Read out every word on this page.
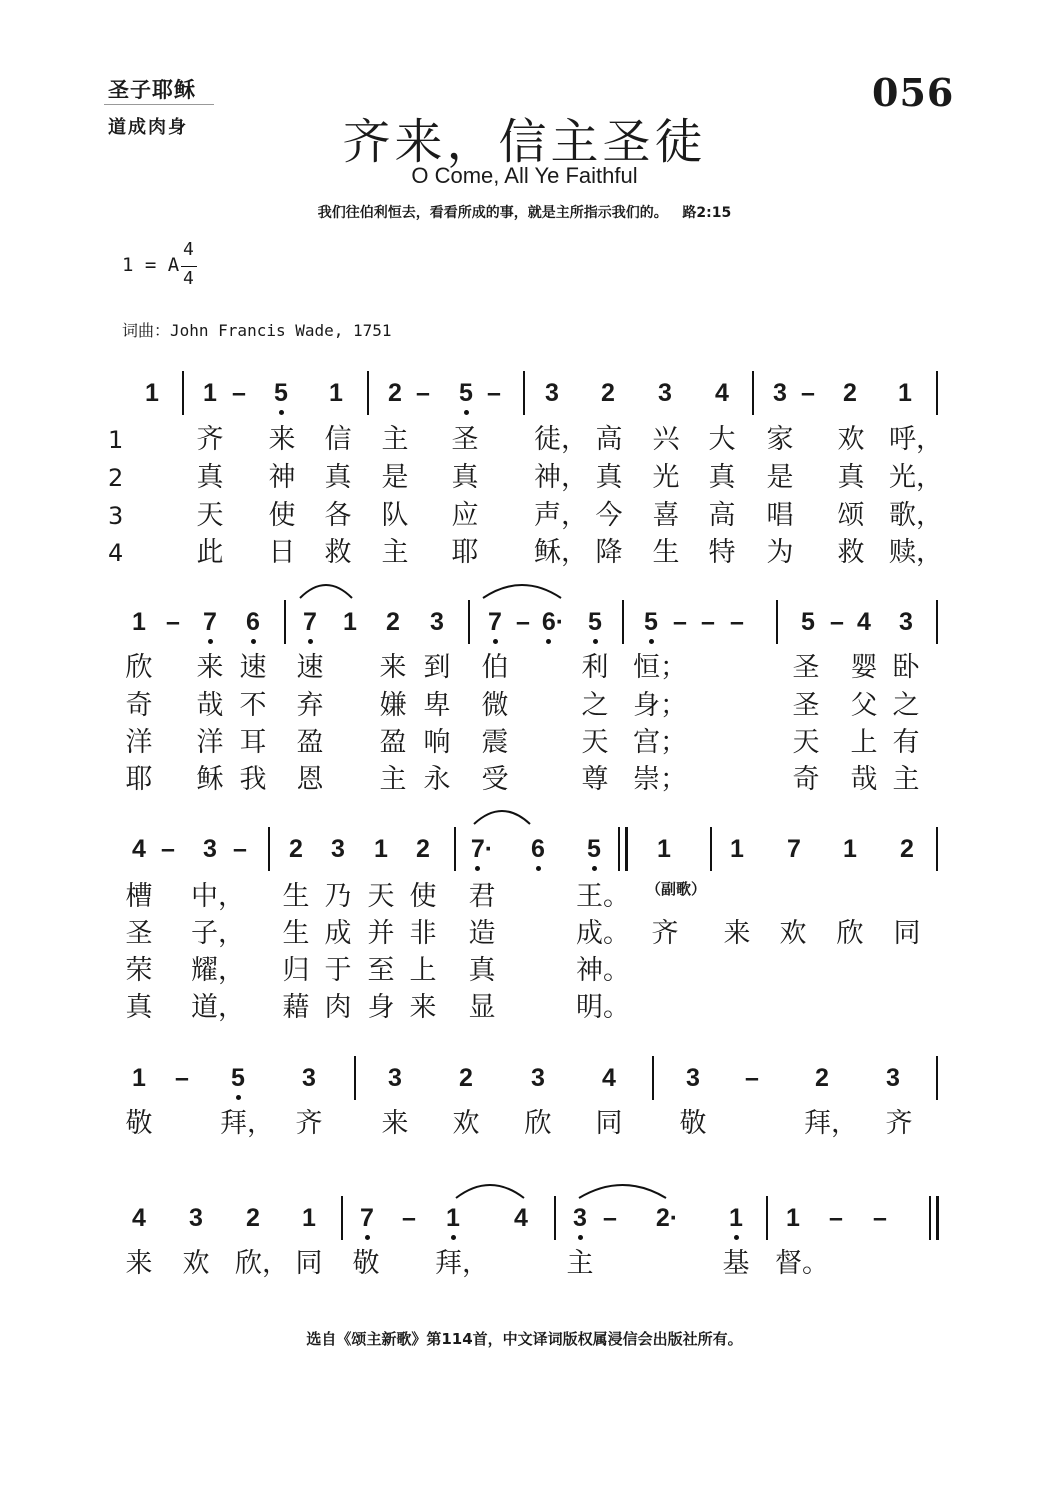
圣子耶稣
道成肉身
056
齐来，信主圣徒
O Come, All Ye Faithful
我们往伯利恒去，看看所成的事，就是主所指示我们的。   路2:15
1 = A
4
4
词曲：John Francis Wade, 1751
1	1 –	5	1	2 –	5 –	3	2	3	4	3 –	2	1
1	齐 来 信 主 圣 徒， 高 兴 大 家 欢 呼，
2	真 神 真 是 真 神， 真 光 真 是 真 光，
3	天 使 各 队 应 声， 今 喜 高 唱 颂 歌，
4	此 日 救 主 耶 稣， 降 生 特 为 救 赎，
1 – 7	6	7	1	2	3	7 – 6· 5	5 – – –	5 – 4	3
欣 来 速 速 来 到 伯	利 恒；	圣 婴 卧
奇 哉 不 弃 嫌 卑 微	之 身；	圣 父 之
洋 洋 耳 盈 盈 响 震	天 宫；	天 上 有
耶 稣 我 恩 主 永 受	尊 崇；	奇 哉 主
4 –	3 –	2	3	1	2	7·	6	5	1	1	7	1	2
槽 中， 生 乃 天 使 君	王。
圣 子， 生 成 并 非 造	成。 齐 来 欢 欣 同
荣 耀， 归 于 至 上 真	神。
真 道， 藉 肉 身 来 显	明。
（副歌）
1	–	5	3	3	2	3	4	3	–	2	3
敬	拜， 齐 来 欢 欣 同 敬	拜， 齐
4	3	2	1	7	–	1	4	3 –	2·	1	1	–	–
来 欢 欣， 同 敬 拜，	主	基 督。
选自《颂主新歌》第114首，中文译词版权属浸信会出版社所有。
